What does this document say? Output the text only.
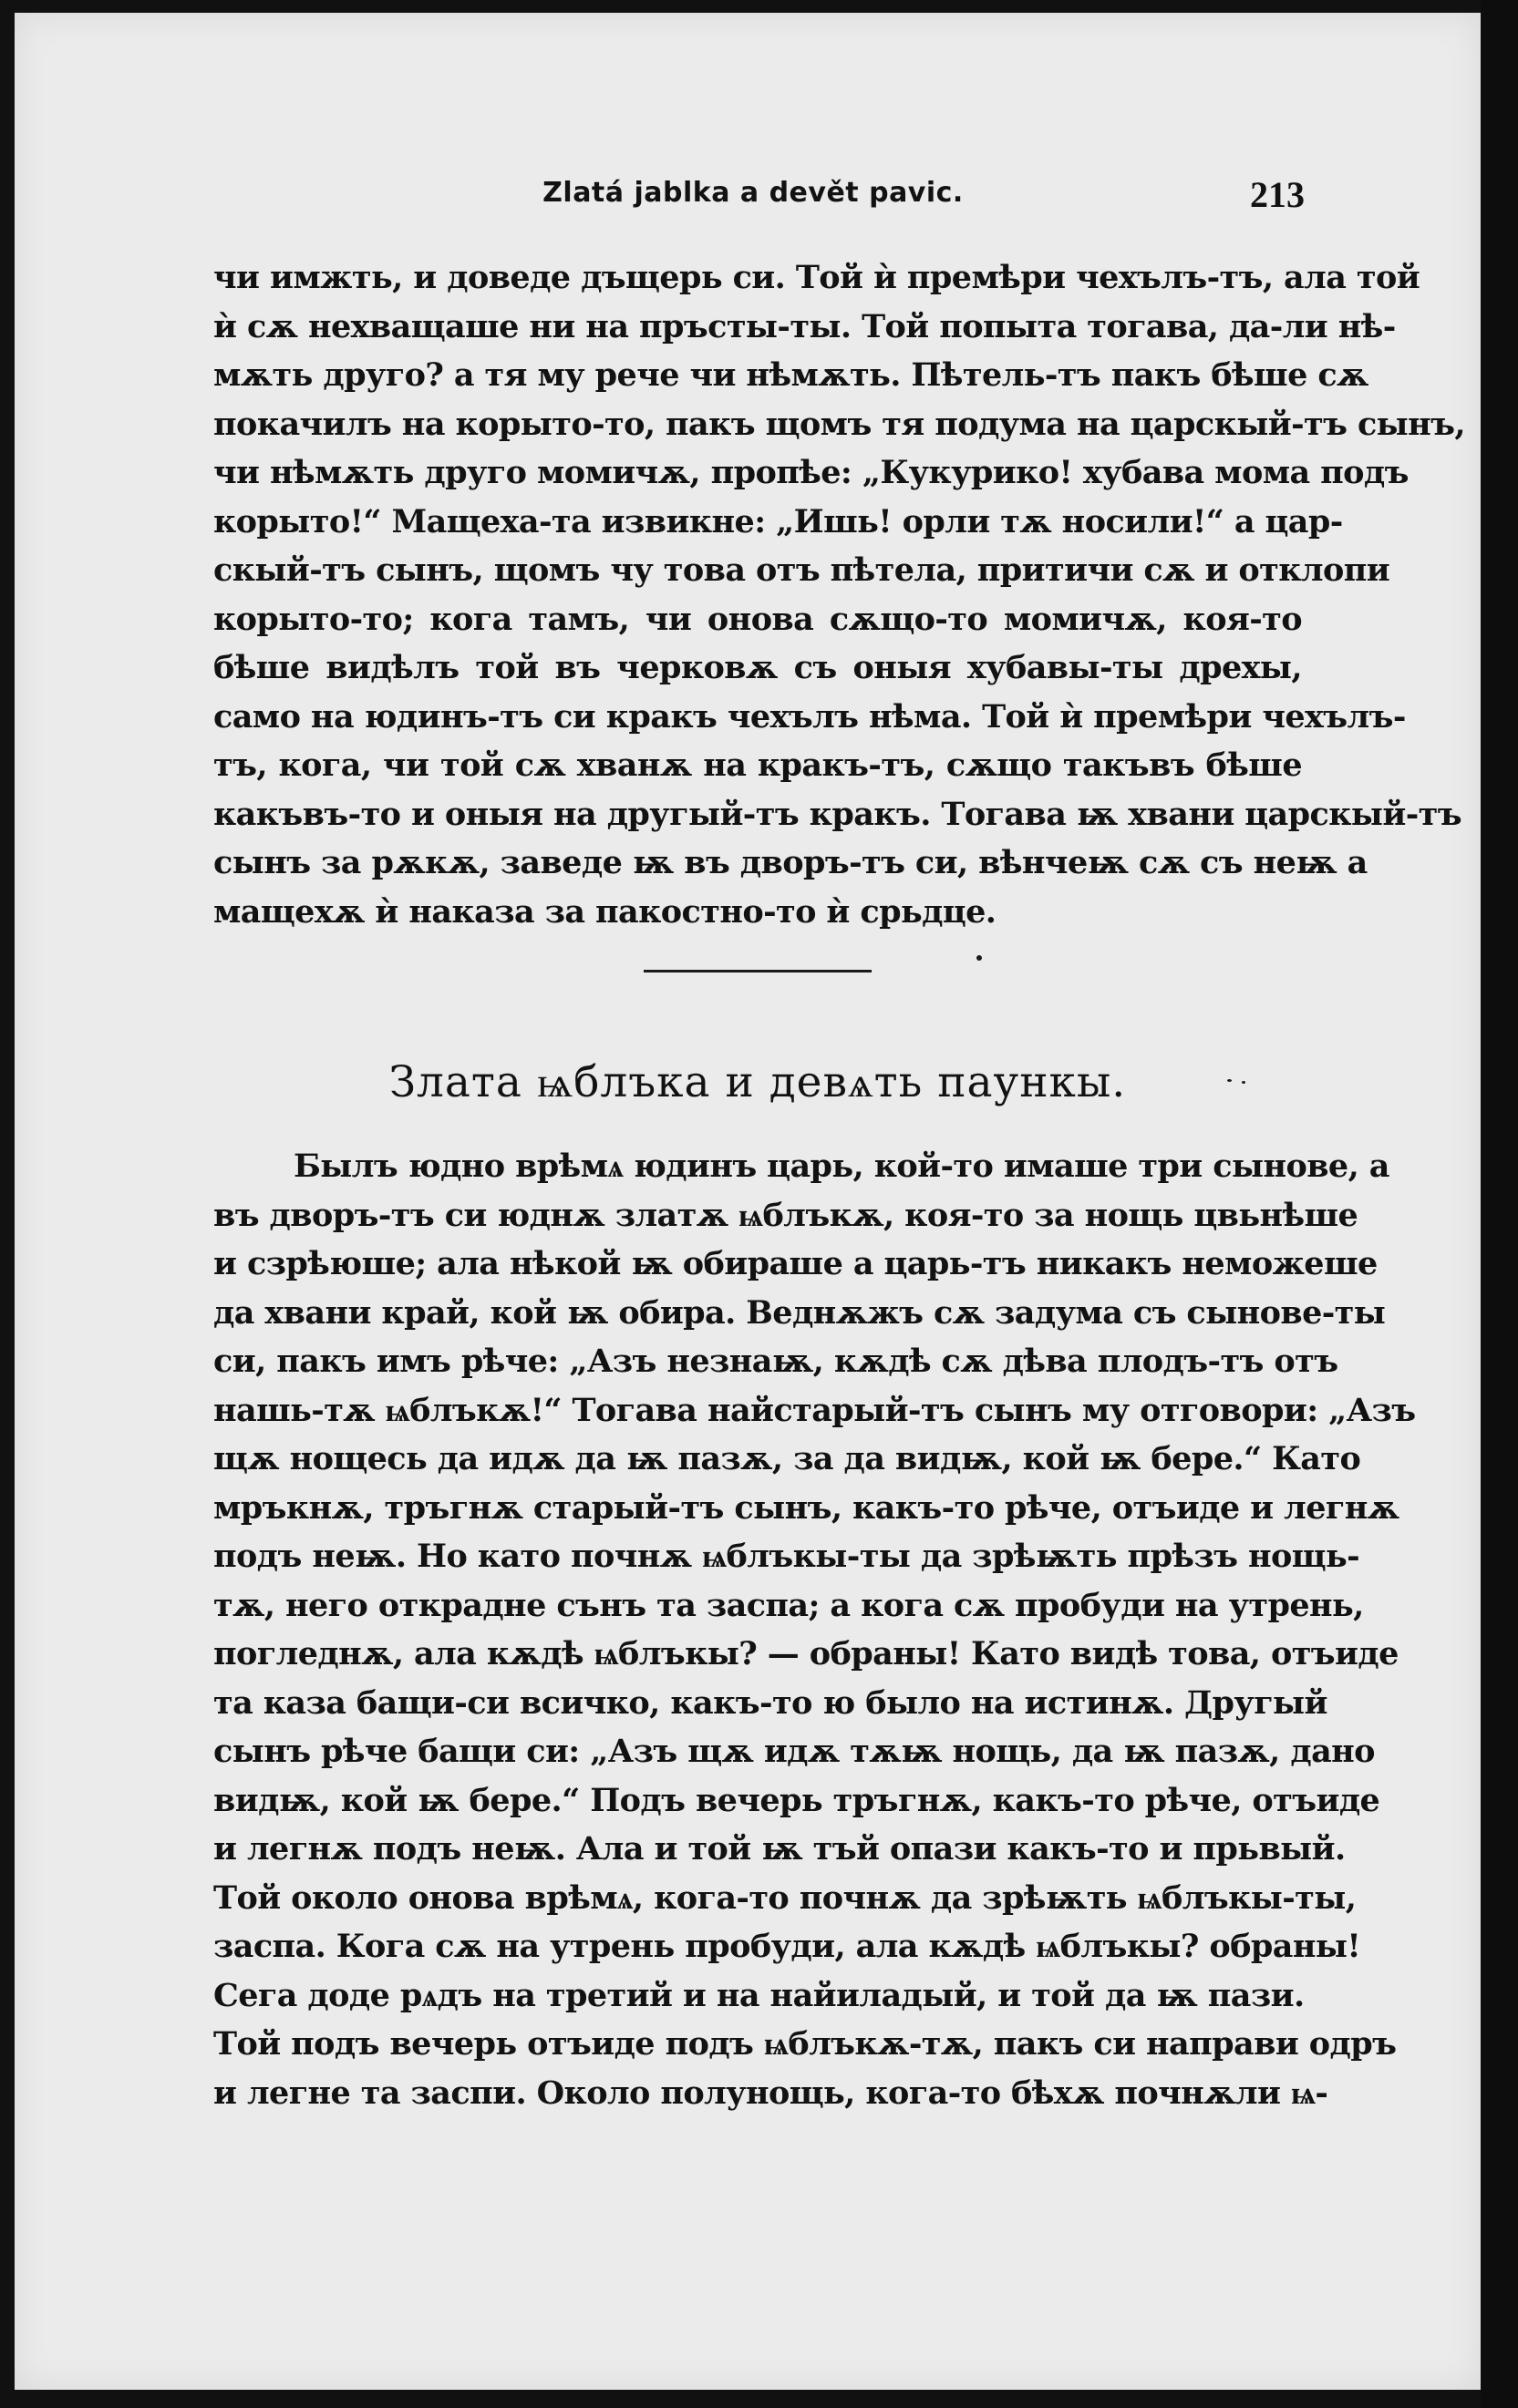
Zlatá jablka a devět pavic.	213
чи имжть, и доведе дъщерь си. Той ѝ премѣри чехълъ-тъ, ала той
ѝ сѫ нехващаше ни на пръсты-ты. Той попыта тогава, да-ли нѣ-
мѫть друго? а тя му рече чи нѣмѫть. Пѣтель-тъ пакъ бѣше сѫ
покачилъ на корыто-то, пакъ щомъ тя подума на царскый-тъ сынъ,
чи нѣмѫть друго момичѫ, пропѣе: „Кукурико! хубава мома подъ
корыто!“ Мащеха-та извикне: „Ишь! орли тѫ носили!“ а цар-
скый-тъ сынъ, щомъ чу това отъ пѣтела, притичи сѫ и отклопи
корыто-то; кога тамъ, чи онова сѫщо-то момичѫ, коя-то
бѣше видѣлъ той въ черковѫ съ оныя хубавы-ты дрехы,
само на юдинъ-тъ си кракъ чехълъ нѣма. Той ѝ премѣри чехълъ-
тъ, кога, чи той сѫ хванѫ на кракъ-тъ, сѫщо такъвъ бѣше
какъвъ-то и оныя на другый-тъ кракъ. Тогава ѭ хвани царскый-тъ
сынъ за рѫкѫ, заведе ѭ въ дворъ-тъ си, вѣнчеѭ сѫ съ неѭ а
мащехѫ ѝ наказа за пакостно-то ѝ срьдце.
Злата ѩблъка и девѧть паункы.
Былъ юдно врѣмѧ юдинъ царь, кой-то имаше три сынове, а
въ дворъ-тъ си юднѫ златѫ ѩблъкѫ, коя-то за нощь цвьнѣше
и сзрѣюше; ала нѣкой ѭ обираше а царь-тъ никакъ неможеше
да хвани край, кой ѭ обира. Веднѫжъ сѫ задума съ сынове-ты
си, пакъ имъ рѣче: „Азъ незнаѭ, кѫдѣ сѫ дѣва плодъ-тъ отъ
нашь-тѫ ѩблъкѫ!“ Тогава найстарый-тъ сынъ му отговори: „Азъ
щѫ нощесь да идѫ да ѭ пазѫ, за да видѭ, кой ѭ бере.“ Като
мръкнѫ, тръгнѫ старый-тъ сынъ, какъ-то рѣче, отъиде и легнѫ
подъ неѭ. Но като почнѫ ѩблъкы-ты да зрѣѭть прѣзъ нощь-
тѫ, него открадне сънъ та заспа; а кога сѫ пробуди на утрень,
погледнѫ, ала кѫдѣ ѩблъкы? — обраны! Като видѣ това, отъиде
та каза бащи-си всичко, какъ-то ю было на истинѫ. Другый
сынъ рѣче бащи си: „Азъ щѫ идѫ тѫѭ нощь, да ѭ пазѫ, дано
видѭ, кой ѭ бере.“ Подъ вечерь тръгнѫ, какъ-то рѣче, отъиде
и легнѫ подъ неѭ. Ала и той ѭ тъй опази какъ-то и прьвый.
Той около онова врѣмѧ, кога-то почнѫ да зрѣѭть ѩблъкы-ты,
заспа. Кога сѫ на утрень пробуди, ала кѫдѣ ѩблъкы? обраны!
Сега доде рѧдъ на третий и на найиладый, и той да ѭ пази.
Той подъ вечерь отъиде подъ ѩблъкѫ-тѫ, пакъ си направи одръ
и легне та заспи. Около полунощь, кога-то бѣхѫ почнѫли ѩ-
